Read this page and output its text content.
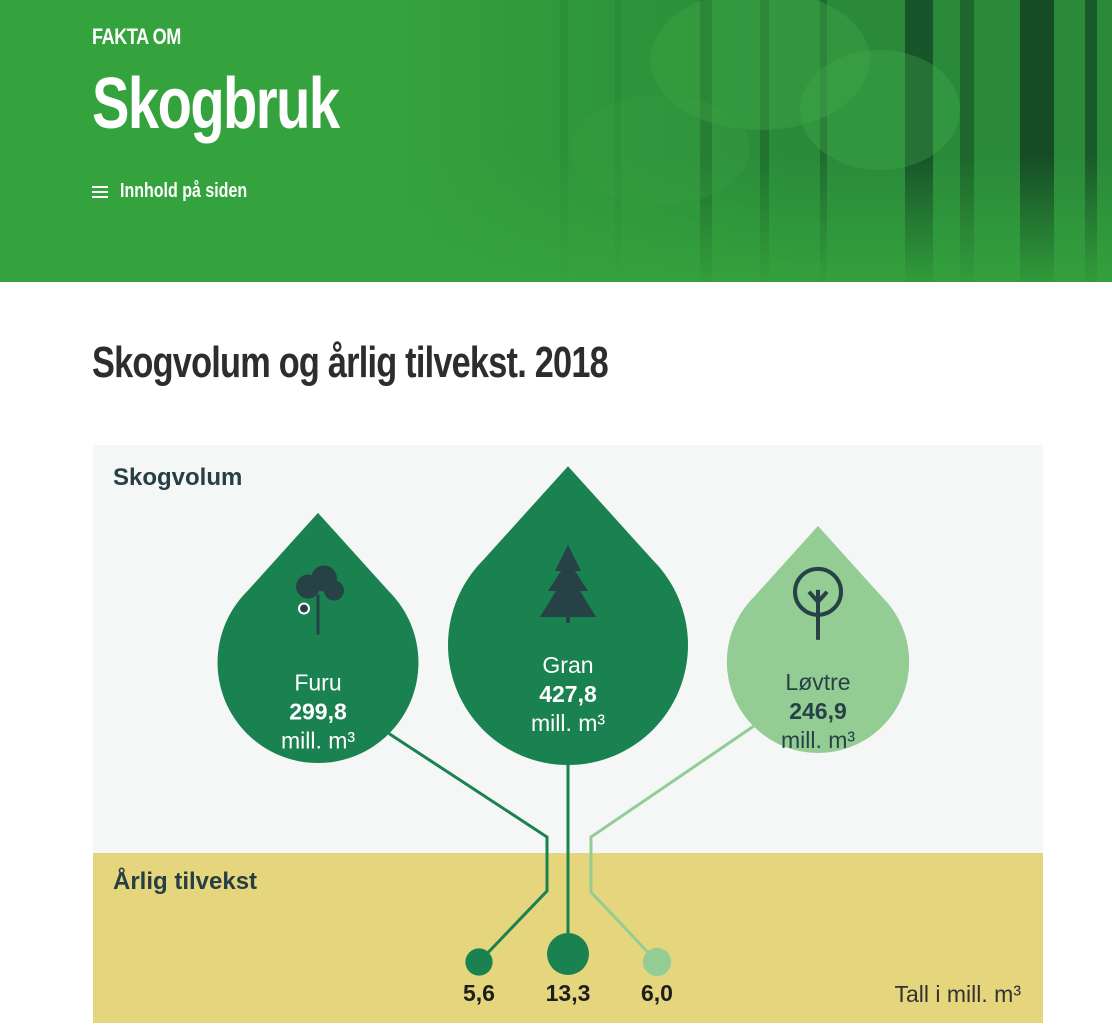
FAKTA OM
Skogbruk
Innhold på siden
Skogvolum og årlig tilvekst. 2018
Skogvolum
Årlig tilvekst
Tall i mill. m³
Furu
299,8
mill. m³
Gran
427,8
mill. m³
Løvtre
246,9
mill. m³
5,6 13,3 6,0
